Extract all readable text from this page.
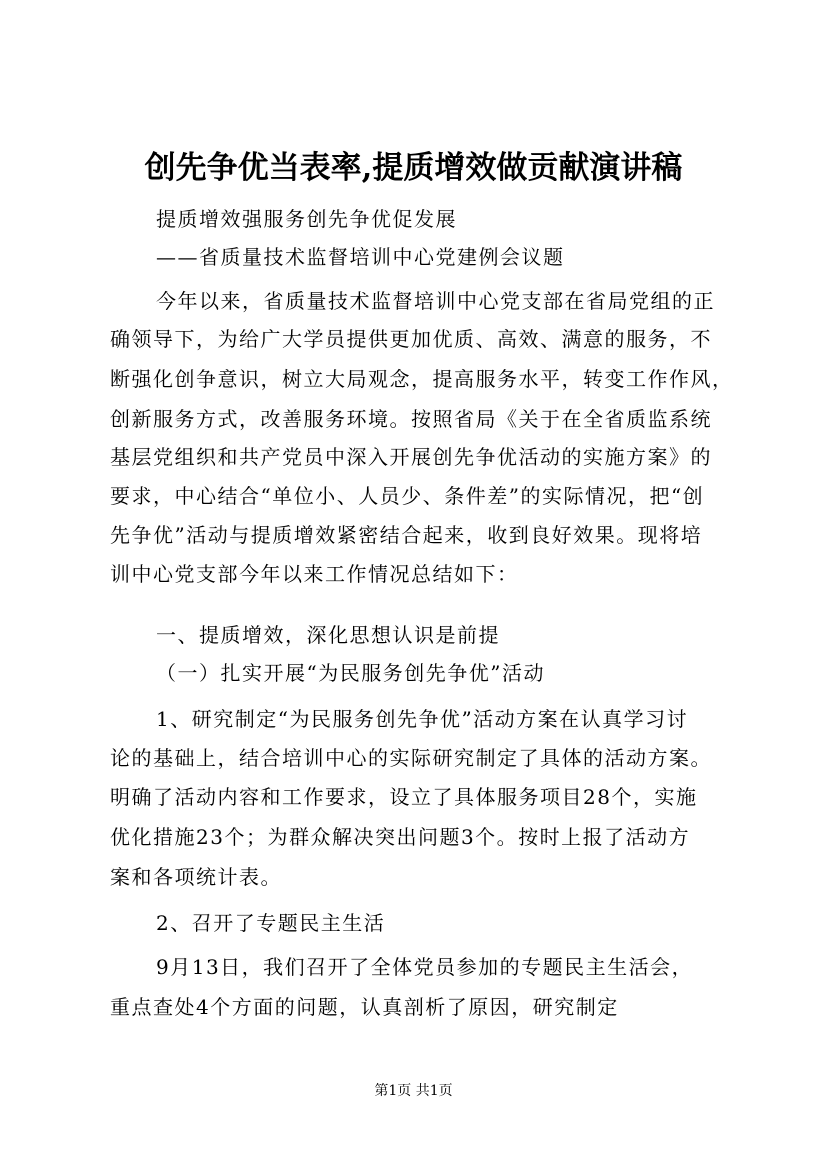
创先争优当表率,提质增效做贡献演讲稿
提质增效强服务创先争优促发展
——省质量技术监督培训中心党建例会议题
今年以来，省质量技术监督培训中心党支部在省局党组的正
确领导下，为给广大学员提供更加优质、高效、满意的服务，不
断强化创争意识，树立大局观念，提高服务水平，转变工作作风，
创新服务方式，改善服务环境。按照省局《关于在全省质监系统
基层党组织和共产党员中深入开展创先争优活动的实施方案》的
要求，中心结合“单位小、人员少、条件差”的实际情况，把“创
先争优”活动与提质增效紧密结合起来，收到良好效果。现将培
训中心党支部今年以来工作情况总结如下：
一、提质增效，深化思想认识是前提
（一）扎实开展“为民服务创先争优”活动
1、研究制定“为民服务创先争优”活动方案在认真学习讨
论的基础上，结合培训中心的实际研究制定了具体的活动方案。
明确了活动内容和工作要求，设立了具体服务项目28个，实施
优化措施23个；为群众解决突出问题3个。按时上报了活动方
案和各项统计表。
2、召开了专题民主生活
9月13日，我们召开了全体党员参加的专题民主生活会，
重点查处4个方面的问题，认真剖析了原因，研究制定
第1页 共1页
